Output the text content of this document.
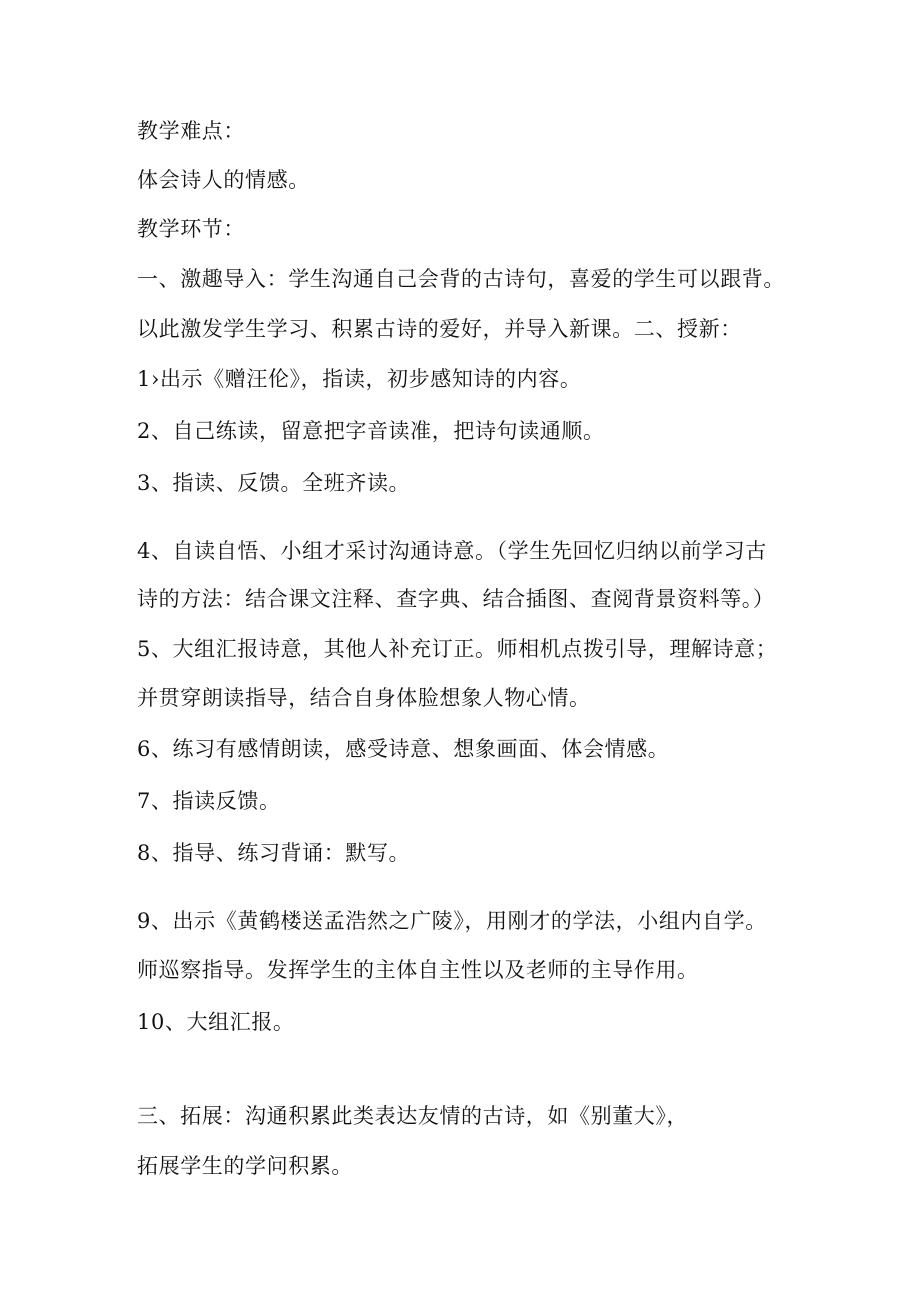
教学难点：
体会诗人的情感。
教学环节：
一、激趣导入：学生沟通自己会背的古诗句，喜爱的学生可以跟背。
以此激发学生学习、积累古诗的爱好，并导入新课。二、授新：
1›出示《赠汪伦》，指读，初步感知诗的内容。
2、自己练读，留意把字音读准，把诗句读通顺。
3、指读、反馈。全班齐读。
4、自读自悟、小组才采讨沟通诗意。（学生先回忆归纳以前学习古
诗的方法：结合课文注释、查字典、结合插图、查阅背景资料等。）
5、大组汇报诗意，其他人补充订正。师相机点拨引导，理解诗意；
并贯穿朗读指导，结合自身体脸想象人物心情。
6、练习有感情朗读，感受诗意、想象画面、体会情感。
7、指读反馈。
8、指导、练习背诵：默写。
9、出示《黄鹤楼送孟浩然之广陵》，用刚才的学法，小组内自学。
师巡察指导。发挥学生的主体自主性以及老师的主导作用。
10、大组汇报。
三、拓展：沟通积累此类表达友情的古诗，如《别董大》，
拓展学生的学问积累。
